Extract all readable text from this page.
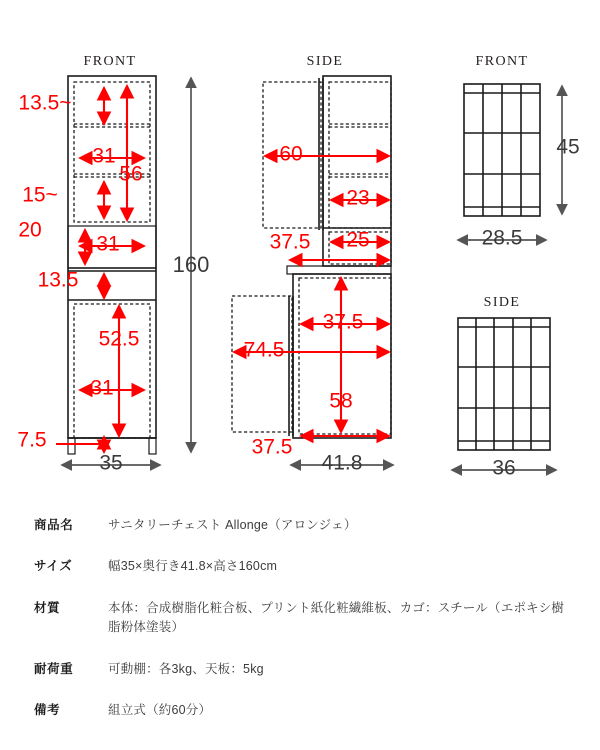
FRONT
13.5~
31
56
15~
20
31
13.5
52.5
31
7.5
35
160
SIDE
60
23
25
37.5
37.5
74.5
58
37.5
41.8
FRONT
45
28.5
SIDE
36
商品名	サニタリーチェスト Allonge（アロンジェ）
サイズ	幅35×奥行き41.8×高さ160cm
材質	本体：合成樹脂化粧合板、プリント紙化粧繊維板、カゴ：スチール（エポキシ樹脂粉体塗装）
耐荷重	可動棚：各3kg、天板：5kg
備考	組立式（約60分）
